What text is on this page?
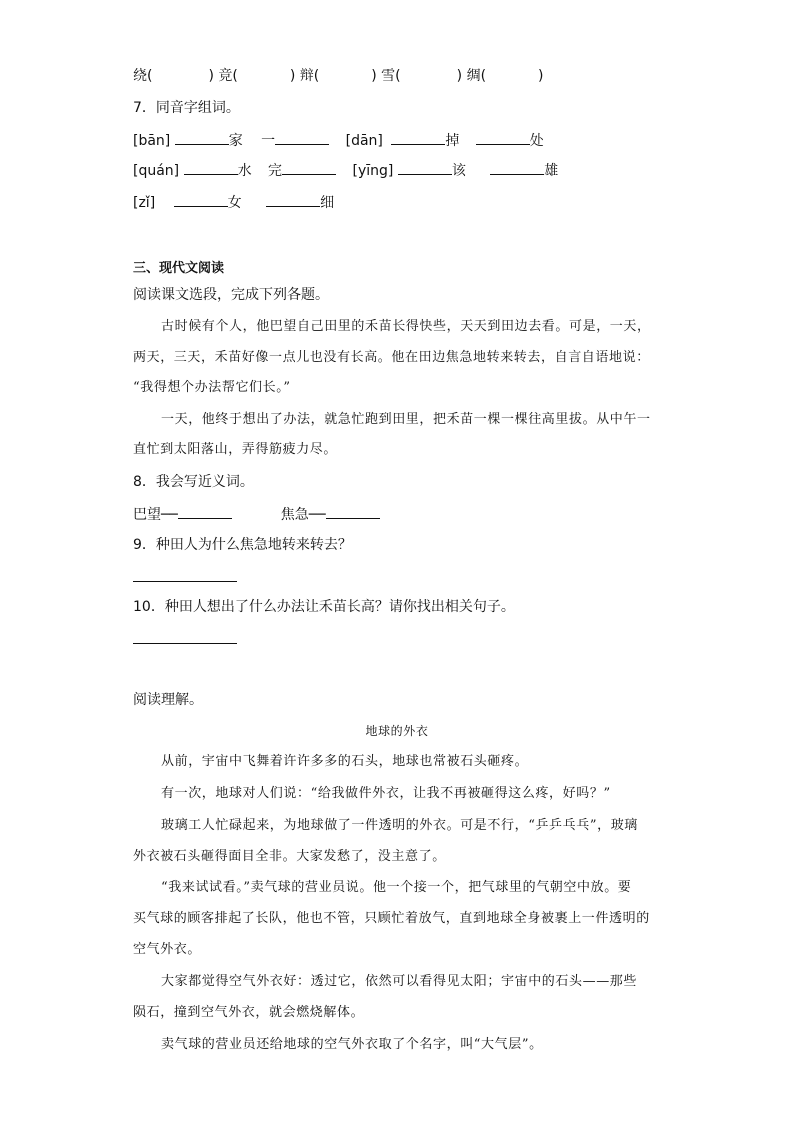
绕(	) 竞(	) 辩(	) 雪(	) 绸(	)
7．同音字组词。
[bān]	家 一	[dān]	掉	处
[quán]	水 完	[yīng]	该	雄
[zǐ]	女	细
三、现代文阅读
阅读课文选段，完成下列各题。
古时候有个人，他巴望自己田里的禾苗长得快些，天天到田边去看。可是，一天，
两天，三天，禾苗好像一点儿也没有长高。他在田边焦急地转来转去，自言自语地说：
“我得想个办法帮它们长。”
一天，他终于想出了办法，就急忙跑到田里，把禾苗一棵一棵往高里拔。从中午一
直忙到太阳落山，弄得筋疲力尽。
8．我会写近义词。
巴望──	焦急──
9．种田人为什么焦急地转来转去？
10．种田人想出了什么办法让禾苗长高？请你找出相关句子。
阅读理解。
地球的外衣
从前，宇宙中飞舞着许许多多的石头，地球也常被石头砸疼。
有一次，地球对人们说：“给我做件外衣，让我不再被砸得这么疼，好吗？”
玻璃工人忙碌起来，为地球做了一件透明的外衣。可是不行，“乒乒乓乓”，玻璃
外衣被石头砸得面目全非。大家发愁了，没主意了。
“我来试试看。”卖气球的营业员说。他一个接一个，把气球里的气朝空中放。要
买气球的顾客排起了长队，他也不管，只顾忙着放气，直到地球全身被裹上一件透明的
空气外衣。
大家都觉得空气外衣好：透过它，依然可以看得见太阳；宇宙中的石头——那些
陨石，撞到空气外衣，就会燃烧解体。
卖气球的营业员还给地球的空气外衣取了个名字，叫“大气层”。
